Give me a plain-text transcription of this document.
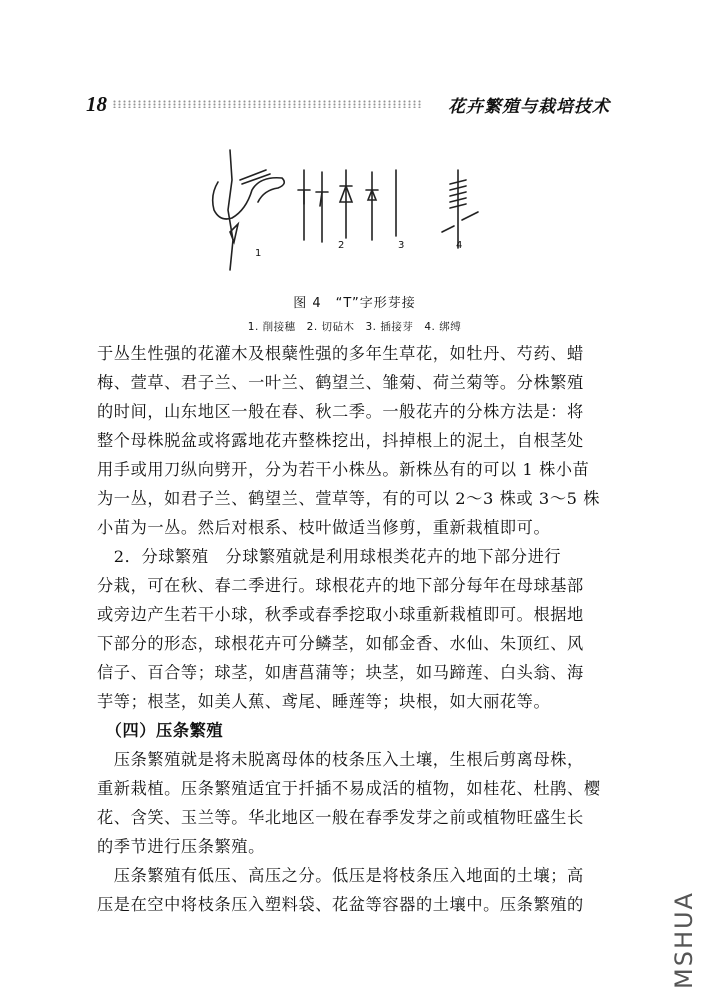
18	花卉繁殖与栽培技术
1
2	3	4
图 4　“T”字形芽接
1. 削接穗　2. 切砧木　3. 插接芽　4. 绑缚
于丛生性强的花灌木及根蘖性强的多年生草花，如牡丹、芍药、蜡
梅、萱草、君子兰、一叶兰、鹤望兰、雏菊、荷兰菊等。分株繁殖
的时间，山东地区一般在春、秋二季。一般花卉的分株方法是：将
整个母株脱盆或将露地花卉整株挖出，抖掉根上的泥土，自根茎处
用手或用刀纵向劈开，分为若干小株丛。新株丛有的可以 1 株小苗
为一丛，如君子兰、鹤望兰、萱草等，有的可以 2～3 株或 3～5 株
小苗为一丛。然后对根系、枝叶做适当修剪，重新栽植即可。
　2．分球繁殖　分球繁殖就是利用球根类花卉的地下部分进行
分栽，可在秋、春二季进行。球根花卉的地下部分每年在母球基部
或旁边产生若干小球，秋季或春季挖取小球重新栽植即可。根据地
下部分的形态，球根花卉可分鳞茎，如郁金香、水仙、朱顶红、风
信子、百合等；球茎，如唐菖蒲等；块茎，如马蹄莲、白头翁、海
芋等；根茎，如美人蕉、鸢尾、睡莲等；块根，如大丽花等。
　（四）压条繁殖
　压条繁殖就是将未脱离母体的枝条压入土壤，生根后剪离母株，
重新栽植。压条繁殖适宜于扦插不易成活的植物，如桂花、杜鹃、樱
花、含笑、玉兰等。华北地区一般在春季发芽之前或植物旺盛生长
的季节进行压条繁殖。
　压条繁殖有低压、高压之分。低压是将枝条压入地面的土壤；高
压是在空中将枝条压入塑料袋、花盆等容器的土壤中。压条繁殖的	MSHUA
